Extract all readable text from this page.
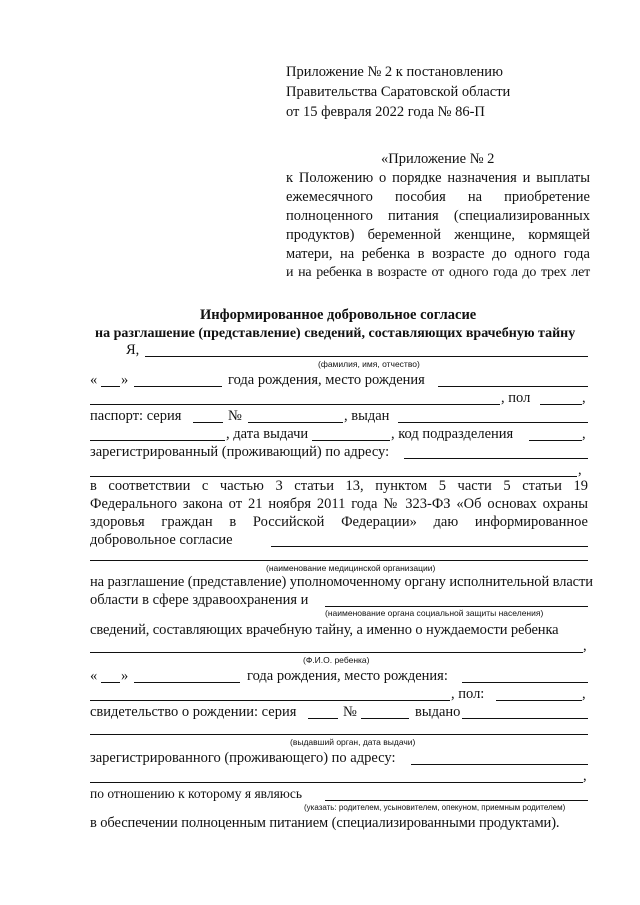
Приложение № 2 к постановлению
Правительства Саратовской области
от 15 февраля 2022 года № 86-П
«Приложение № 2
к Положению о порядке назначения и выплаты
ежемесячного пособия на приобретение
полноценного питания (специализированных
продуктов) беременной женщине, кормящей
матери, на ребенка в возрасте до одного года
и на ребенка в возрасте от одного года до трех лет
Информированное добровольное согласие
на разглашение (представление) сведений, составляющих врачебную тайну
Я,
(фамилия, имя, отчество)
« »	года рождения, место рождения
, пол	,
паспорт: серия	№	, выдан
, дата выдачи	, код подразделения	,
зарегистрированный (проживающий) по адресу:
,
в соответствии с частью 3 статьи 13, пунктом 5 части 5 статьи 19
Федерального закона от 21 ноября 2011 года № 323-ФЗ «Об основах охраны
здоровья граждан в Российской Федерации» даю информированное
добровольное согласие
(наименование медицинской организации)
на разглашение (представление) уполномоченному органу исполнительной власти
области в сфере здравоохранения и
(наименование органа социальной защиты населения)
сведений, составляющих врачебную тайну, а именно о нуждаемости ребенка
,
(Ф.И.О. ребенка)
« »	года рождения, место рождения:
, пол:	,
свидетельство о рождении: серия	№	выдано
(выдавший орган, дата выдачи)
зарегистрированного (проживающего) по адресу:
,
по отношению к которому я являюсь
(указать: родителем, усыновителем, опекуном, приемным родителем)
в обеспечении полноценным питанием (специализированными продуктами).
